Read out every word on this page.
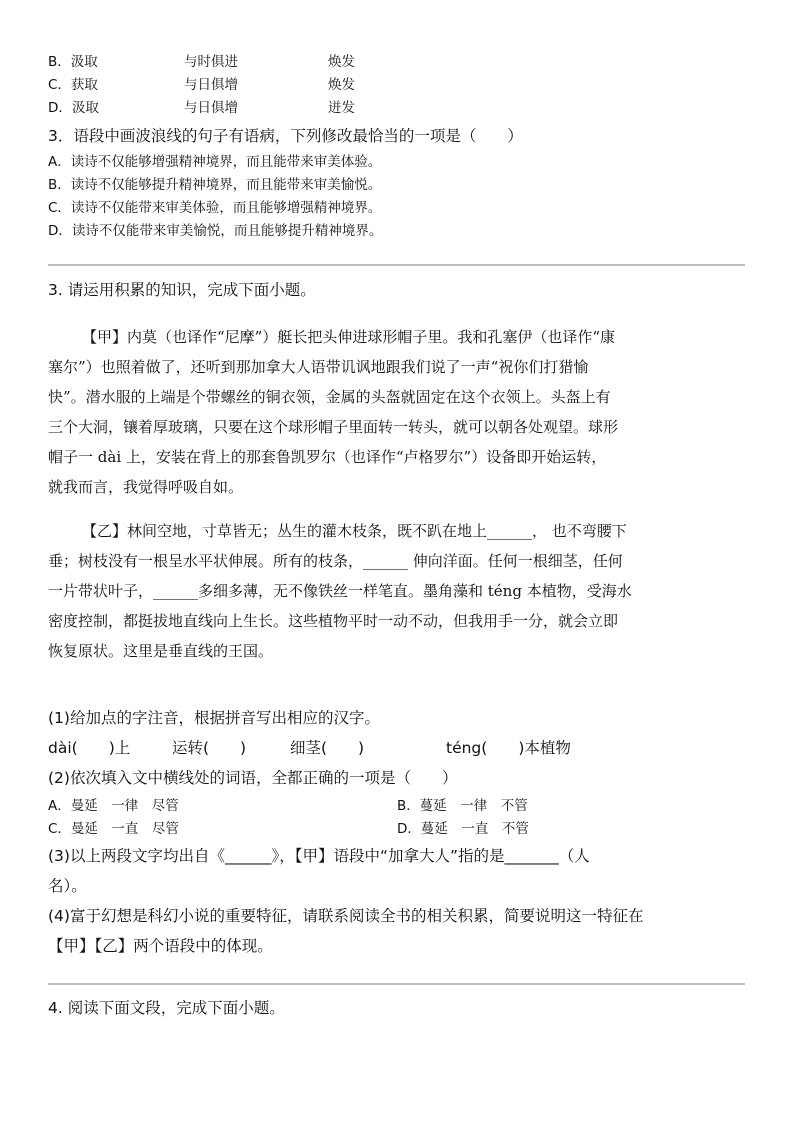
B．汲取	与时俱进	焕发
C．获取	与日俱增	焕发
D．汲取	与日俱增	迸发
3．语段中画波浪线的句子有语病，下列修改最恰当的一项是（　　）
A．读诗不仅能够增强精神境界，而且能带来审美体验。
B．读诗不仅能够提升精神境界，而且能带来审美愉悦。
C．读诗不仅能带来审美体验，而且能够增强精神境界。
D．读诗不仅能带来审美愉悦，而且能够提升精神境界。
3. 请运用积累的知识，完成下面小题。
【甲】内莫（也译作“尼摩”）艇长把头伸进球形帽子里。我和孔塞伊（也译作“康
塞尔”）也照着做了，还听到那加拿大人语带讥讽地跟我们说了一声“祝你们打猎愉
快”。潜水服的上端是个带螺丝的铜衣领，金属的头盔就固定在这个衣领上。头盔上有
三个大洞，镶着厚玻璃，只要在这个球形帽子里面转一转头，就可以朝各处观望。球形
帽子一 dài 上，安装在背上的那套鲁凯罗尔（也译作“卢格罗尔”）设备即开始运转，
就我而言，我觉得呼吸自如。
【乙】林间空地，寸草皆无；丛生的灌木枝条，既不趴在地上______， 也不弯腰下
垂；树枝没有一根呈水平状伸展。所有的枝条，______ 伸向洋面。任何一根细茎，任何
一片带状叶子，______多细多薄，无不像铁丝一样笔直。墨角藻和 téng 本植物，受海水
密度控制，都挺拔地直线向上生长。这些植物平时一动不动，但我用手一分，就会立即
恢复原状。这里是垂直线的王国。
(1)给加点的字注音，根据拼音写出相应的汉字。
dài(　　)上	运转(　　)	细茎(　　)	téng(　　)本植物
(2)依次填入文中横线处的词语，全都正确的一项是（　　）
A．曼延　一律　尽管	B．蔓延　一律　不管
C．曼延　一直　尽管	D．蔓延　一直　不管
(3)以上两段文字均出自《______》，【甲】语段中“加拿大人”指的是_______（人
名）。
(4)富于幻想是科幻小说的重要特征，请联系阅读全书的相关积累，简要说明这一特征在
【甲】【乙】两个语段中的体现。
4. 阅读下面文段，完成下面小题。
